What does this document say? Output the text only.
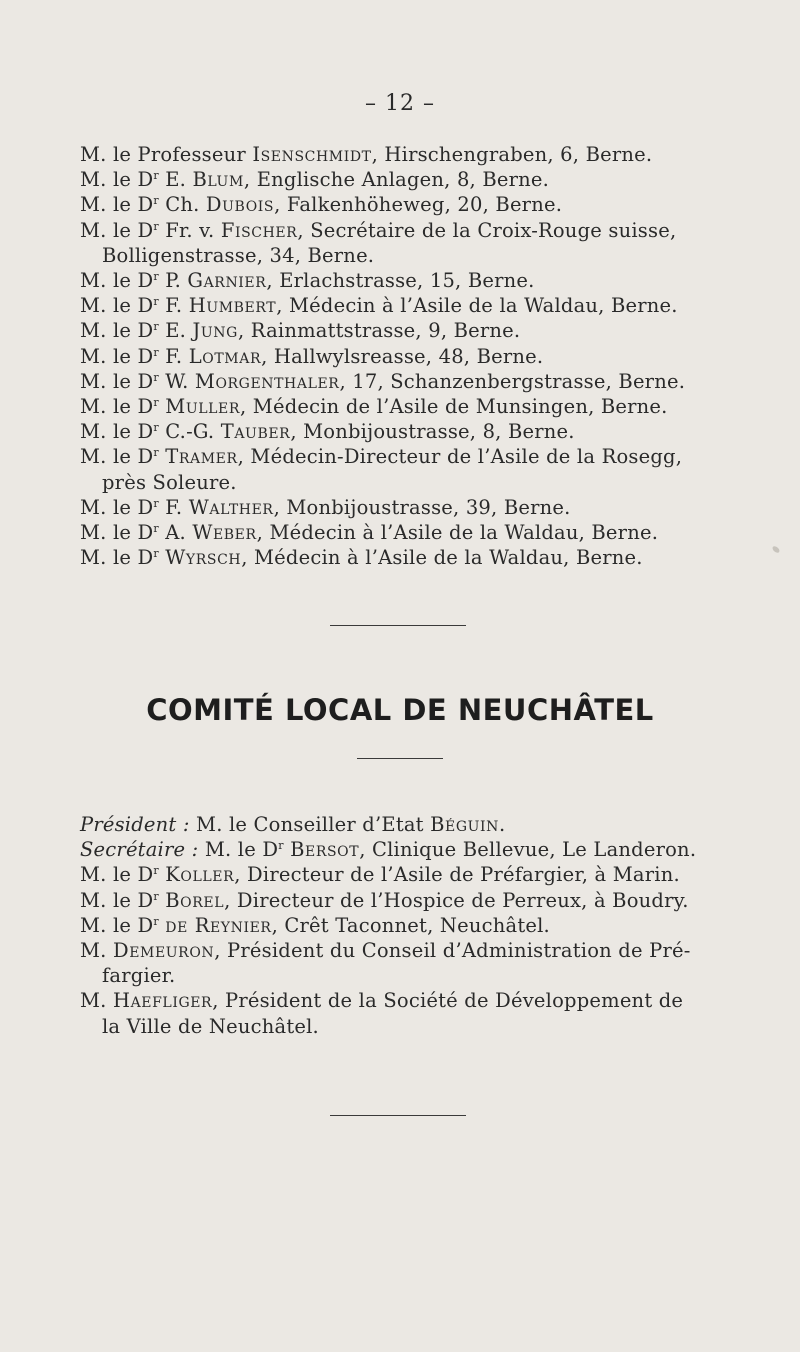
– 12 –
M. le Professeur Isenschmidt, Hirschengraben, 6, Berne.
M. le $D^r$ E. Blum, Englische Anlagen, 8, Berne.
M. le $D^r$ Ch. Dubois, Falkenhöheweg, 20, Berne.
M. le $D^r$ Fr. v. Fischer, Secrétaire de la Croix-Rouge suisse,
Bolligenstrasse, 34, Berne.
M. le $D^r$ P. Garnier, Erlachstrasse, 15, Berne.
M. le $D^r$ F. Humbert, Médecin à l’Asile de la Waldau, Berne.
M. le $D^r$ E. Jung, Rainmattstrasse, 9, Berne.
M. le $D^r$ F. Lotmar, Hallwylsreasse, 48, Berne.
M. le $D^r$ W. Morgenthaler, 17, Schanzenbergstrasse, Berne.
M. le $D^r$ Muller, Médecin de l’Asile de Munsingen, Berne.
M. le $D^r$ C.-G. Tauber, Monbijoustrasse, 8, Berne.
M. le $D^r$ Tramer, Médecin-Directeur de l’Asile de la Rosegg,
près Soleure.
M. le $D^r$ F. Walther, Monbijoustrasse, 39, Berne.
M. le $D^r$ A. Weber, Médecin à l’Asile de la Waldau, Berne.
M. le $D^r$ Wyrsch, Médecin à l’Asile de la Waldau, Berne.
COMITÉ LOCAL DE NEUCHÂTEL
Président : M. le Conseiller d’Etat Béguin.
Secrétaire : M. le $D^r$ Bersot, Clinique Bellevue, Le Landeron.
M. le $D^r$ Koller, Directeur de l’Asile de Préfargier, à Marin.
M. le $D^r$ Borel, Directeur de l’Hospice de Perreux, à Boudry.
M. le $D^r$ de Reynier, Crêt Taconnet, Neuchâtel.
M. Demeuron, Président du Conseil d’Administration de Pré-
fargier.
M. Haefliger, Président de la Société de Développement de
la Ville de Neuchâtel.
